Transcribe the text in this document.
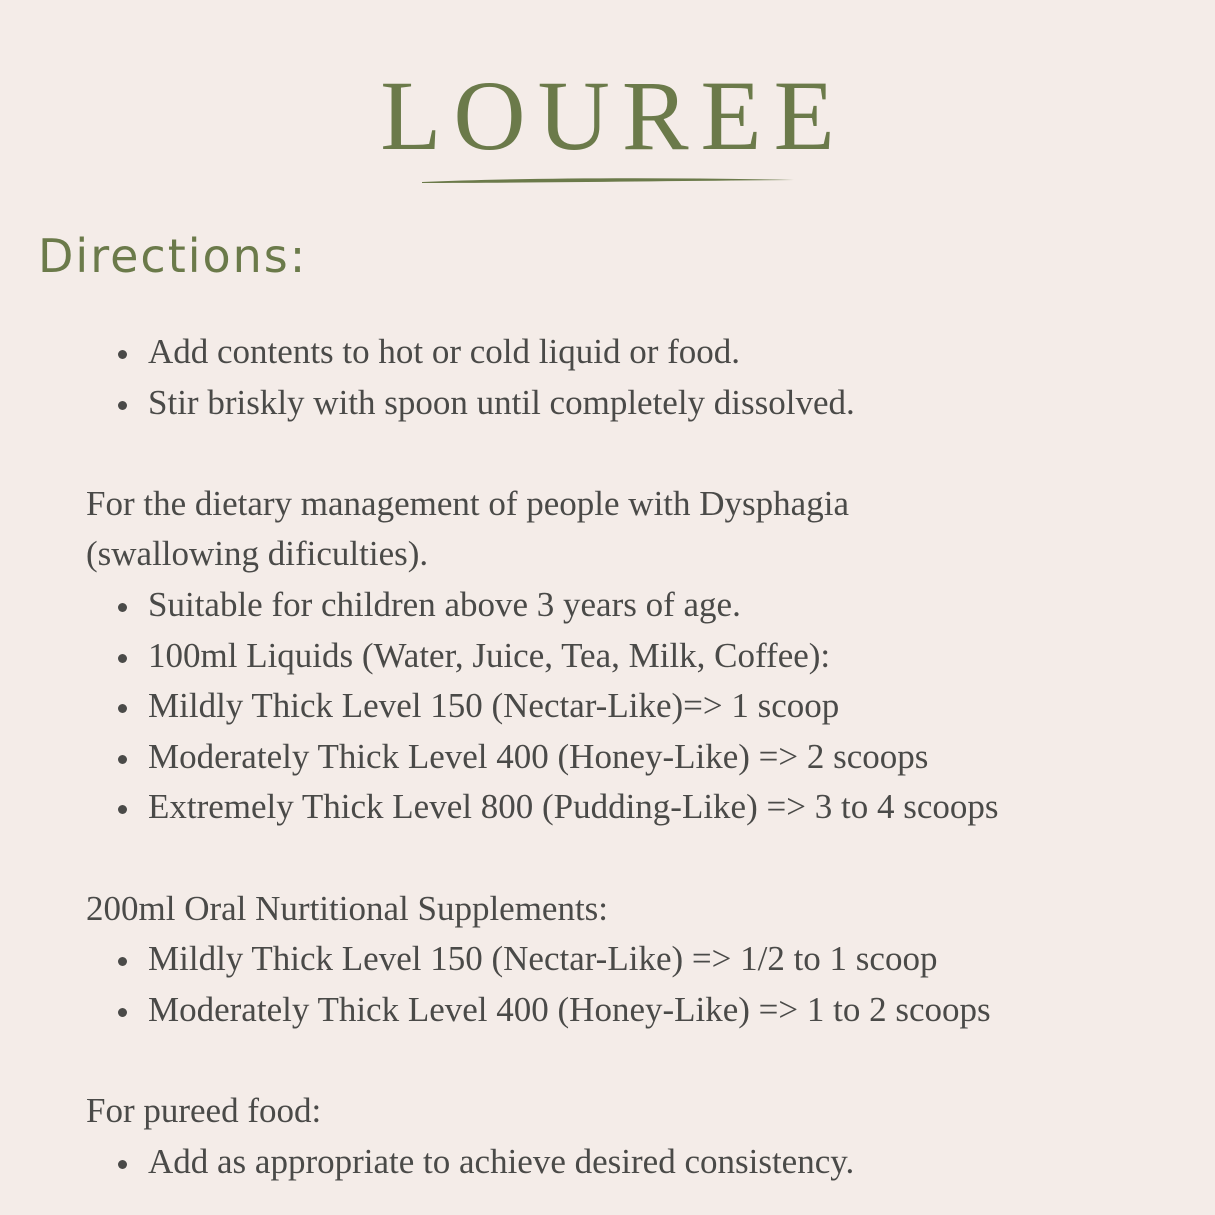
LOUREE
Directions:
Add contents to hot or cold liquid or food.
Stir briskly with spoon until completely dissolved.

For the dietary management of people with Dysphagia

(swallowing dificulties).

Suitable for children above 3 years of age.
100ml Liquids (Water, Juice, Tea, Milk, Coffee):
Mildly Thick Level 150 (Nectar-Like)=> 1 scoop
Moderately Thick Level 400 (Honey-Like) => 2 scoops
Extremely Thick Level 800 (Pudding-Like) => 3 to 4 scoops

200ml Oral Nurtitional Supplements:

Mildly Thick Level 150 (Nectar-Like) => 1/2 to 1 scoop
Moderately Thick Level 400 (Honey-Like) => 1 to 2 scoops

For pureed food:

Add as appropriate to achieve desired consistency.
